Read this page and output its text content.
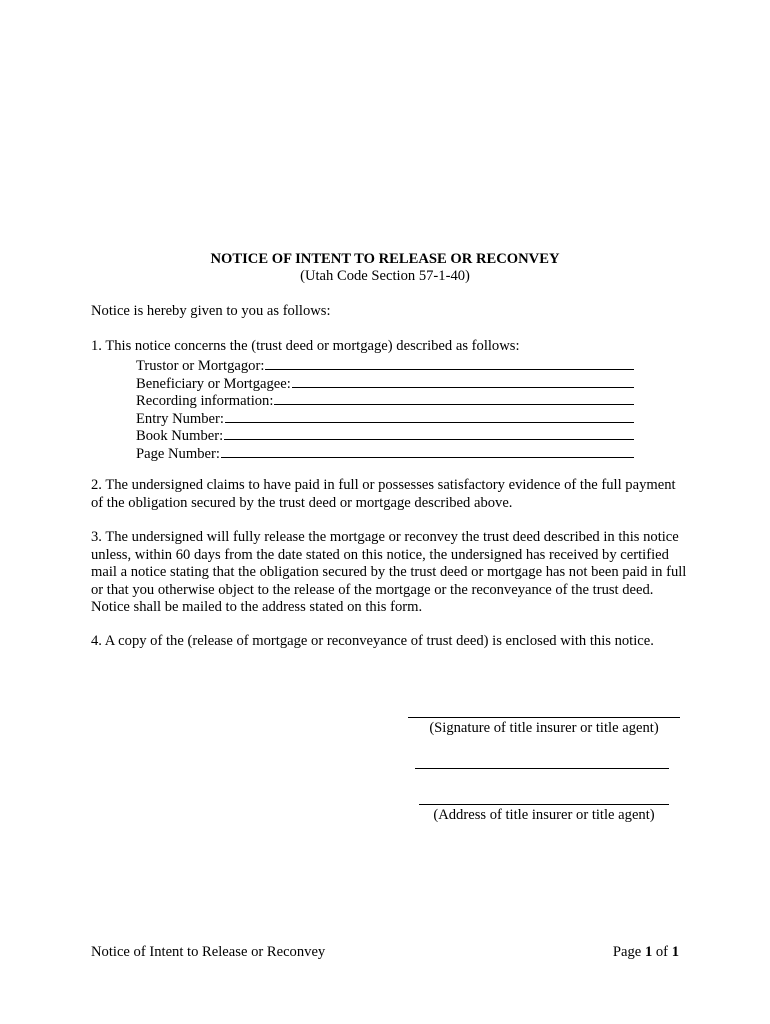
NOTICE OF INTENT TO RELEASE OR RECONVEY
(Utah Code Section 57-1-40)
Notice is hereby given to you as follows:
1. This notice concerns the (trust deed or mortgage) described as follows:
Trustor or Mortgagor:
Beneficiary or Mortgagee:
Recording information:
Entry Number:
Book Number:
Page Number:
2. The undersigned claims to have paid in full or possesses satisfactory evidence of the full payment of the obligation secured by the trust deed or mortgage described above.
3. The undersigned will fully release the mortgage or reconvey the trust deed described in this notice unless, within 60 days from the date stated on this notice, the undersigned has received by certified mail a notice stating that the obligation secured by the trust deed or mortgage has not been paid in full or that you otherwise object to the release of the mortgage or the reconveyance of the trust deed. Notice shall be mailed to the address stated on this form.
4. A copy of the (release of mortgage or reconveyance of trust deed) is enclosed with this notice.
(Signature of title insurer or title agent)
(Address of title insurer or title agent)
Notice of Intent to Release or Reconvey	Page 1 of 1
